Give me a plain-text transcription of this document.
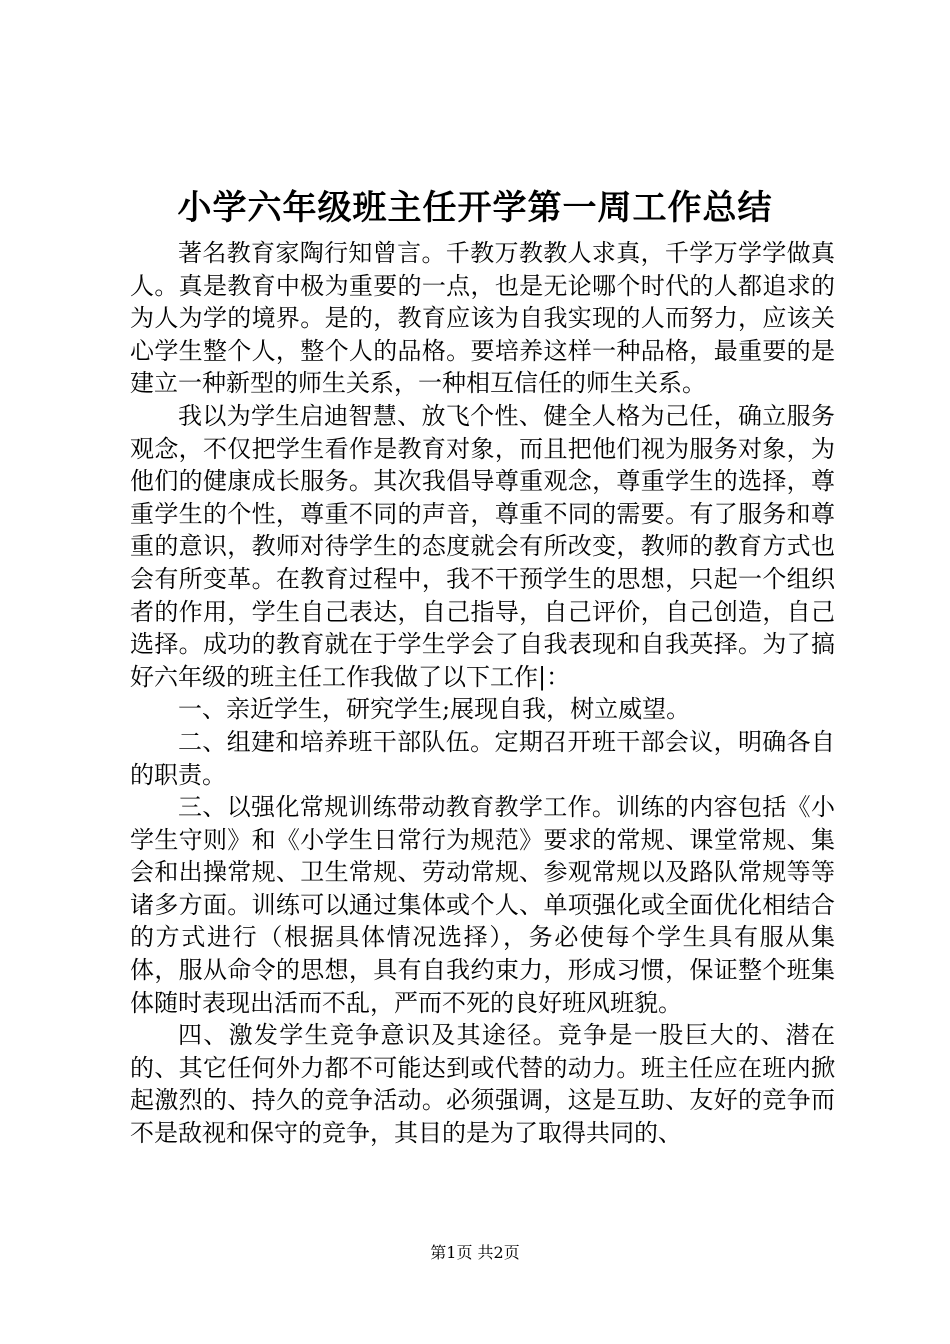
小学六年级班主任开学第一周工作总结

著名教育家陶行知曾言。千教万教教人求真，千学万学学做真人。真是教育中极为重要的一点，也是无论哪个时代的人都追求的为人为学的境界。是的，教育应该为自我实现的人而努力，应该关心学生整个人，整个人的品格。要培养这样一种品格，最重要的是建立一种新型的师生关系，一种相互信任的师生关系。

我以为学生启迪智慧、放飞个性、健全人格为己任，确立服务观念，不仅把学生看作是教育对象，而且把他们视为服务对象，为他们的健康成长服务。其次我倡导尊重观念，尊重学生的选择，尊重学生的个性，尊重不同的声音，尊重不同的需要。有了服务和尊重的意识，教师对待学生的态度就会有所改变，教师的教育方式也会有所变革。在教育过程中，我不干预学生的思想，只起一个组织者的作用，学生自己表达，自己指导，自己评价，自己创造，自己选择。成功的教育就在于学生学会了自我表现和自我英择。为了搞好六年级的班主任工作我做了以下工作|：

一、亲近学生，研究学生;展现自我，树立威望。

二、组建和培养班干部队伍。定期召开班干部会议，明确各自的职责。

三、以强化常规训练带动教育教学工作。训练的内容包括《小学生守则》和《小学生日常行为规范》要求的常规、课堂常规、集会和出操常规、卫生常规、劳动常规、参观常规以及路队常规等等诸多方面。训练可以通过集体或个人、单项强化或全面优化相结合的方式进行（根据具体情况选择），务必使每个学生具有服从集体，服从命令的思想，具有自我约束力，形成习惯，保证整个班集体随时表现出活而不乱，严而不死的良好班风班貌。

四、激发学生竞争意识及其途径。竞争是一股巨大的、潜在的、其它任何外力都不可能达到或代替的动力。班主任应在班内掀起激烈的、持久的竞争活动。必须强调，这是互助、友好的竞争而不是敌视和保守的竞争，其目的是为了取得共同的、

第1页 共2页
